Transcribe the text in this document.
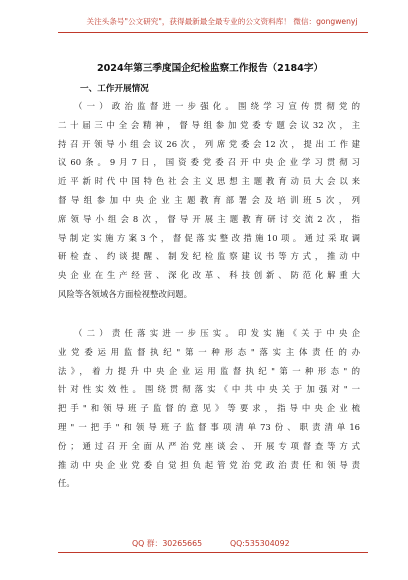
关注头条号"公文研究"，获得最新最全最专业的公文资料库！ 微信：gongwenyj
2024年第三季度国企纪检监察工作报告（2184字）
一、工作开展情况
（一）政治监督进一步强化。围绕学习宣传贯彻党的
二十届三中全会精神，督导组参加党委专题会议32次，主
持召开领导小组会议26次，列席党委会12次，提出工作建
议60条。9月7日，国资委党委召开中央企业学习贯彻习
近平新时代中国特色社会主义思想主题教育动员大会以来
督导组参加中央企业主题教育部署会及培训班5次，列
席领导小组会8次，督导开展主题教育研讨交流2次，指
导制定实施方案3个，督促落实整改措施10项。通过采取调
研检查、约谈提醒、制发纪检监察建议书等方式，推动中
央企业在生产经营、深化改革、科技创新、防范化解重大
风险等各领域各方面检视整改问题。
（二）责任落实进一步压实。印发实施《关于中央企
业党委运用监督执纪"第一种形态"落实主体责任的办
法》，着力提升中央企业运用监督执纪"第一种形态"的
针对性实效性。围绕贯彻落实《中共中央关于加强对"一
把手"和领导班子监督的意见》等要求，指导中央企业梳
理"一把手"和领导班子监督事项清单73份、职责清单16
份；通过召开全面从严治党座谈会、开展专项督查等方式
推动中央企业党委自觉担负起管党治党政治责任和领导责
任。
QQ 群：30265665	QQ:535304092
